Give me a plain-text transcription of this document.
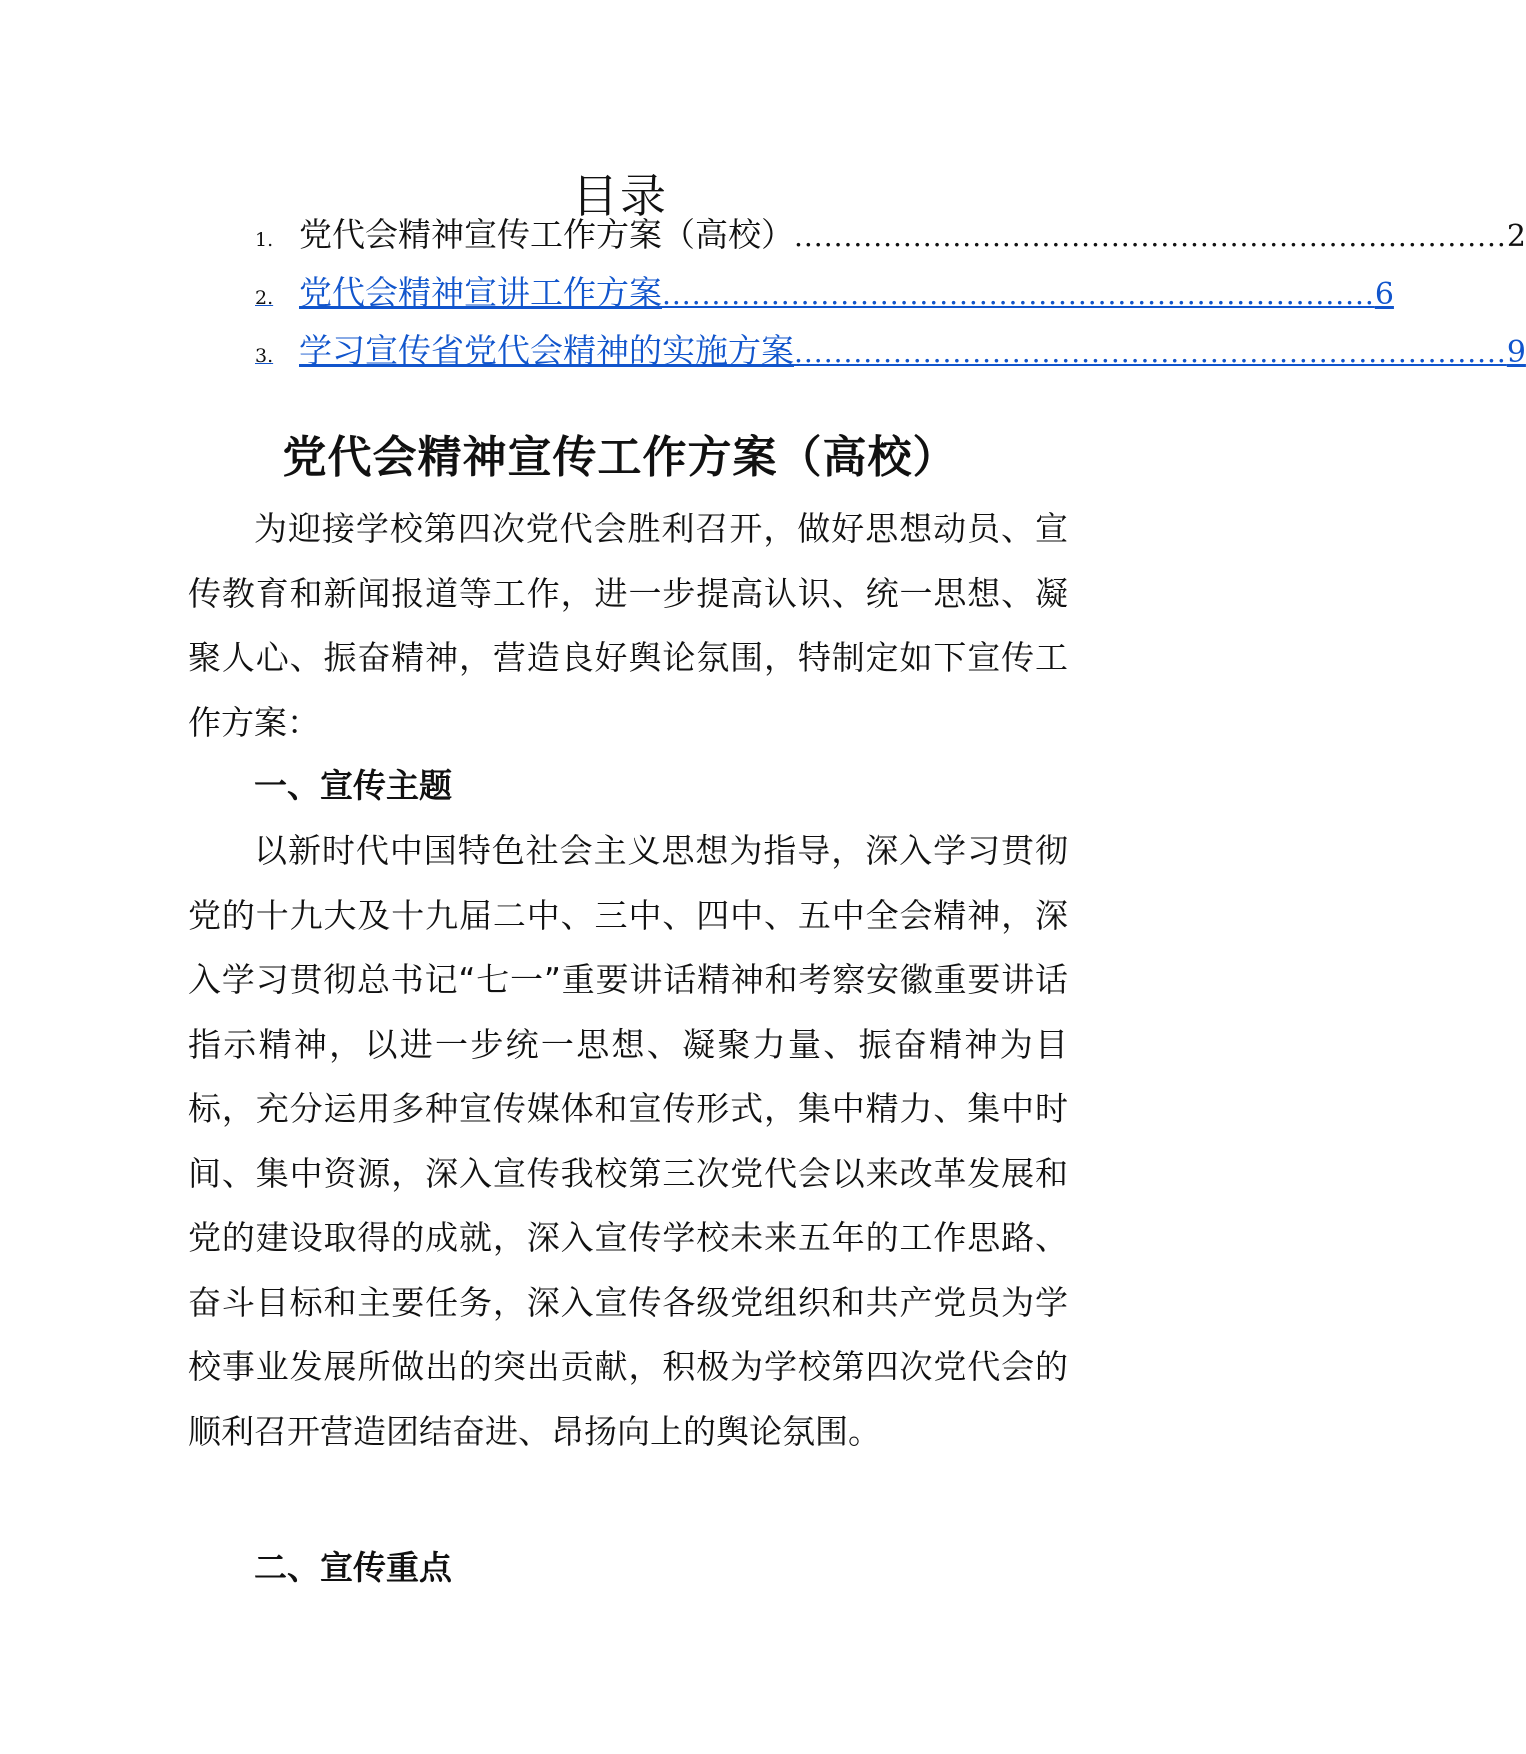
目录
1. 党代会精神宣传工作方案（高校） ........................................................................ 2
2. 党代会精神宣讲工作方案 ........................................................................ 6
3. 学习宣传省党代会精神的实施方案 ........................................................................ 9
党代会精神宣传工作方案（高校）

为迎接学校第四次党代会胜利召开，做好思想动员、宣传教育和新闻报道等工作，进一步提高认识、统一思想、凝聚人心、振奋精神，营造良好舆论氛围，特制定如下宣传工作方案：

一、宣传主题

以新时代中国特色社会主义思想为指导，深入学习贯彻党的十九大及十九届二中、三中、四中、五中全会精神，深入学习贯彻总书记“七一”重要讲话精神和考察安徽重要讲话指示精神，以进一步统一思想、凝聚力量、振奋精神为目标，充分运用多种宣传媒体和宣传形式，集中精力、集中时间、集中资源，深入宣传我校第三次党代会以来改革发展和党的建设取得的成就，深入宣传学校未来五年的工作思路、奋斗目标和主要任务，深入宣传各级党组织和共产党员为学校事业发展所做出的突出贡献，积极为学校第四次党代会的顺利召开营造团结奋进、昂扬向上的舆论氛围。

二、宣传重点
